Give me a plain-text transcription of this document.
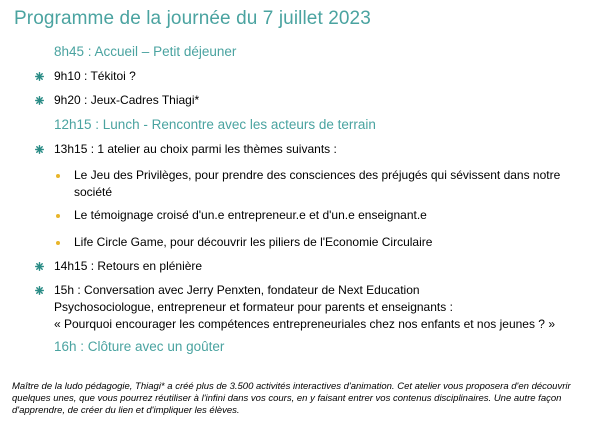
Programme de la journée du 7 juillet 2023
8h45 : Accueil – Petit déjeuner
9h10 : Tékitoi ?
9h20 : Jeux-Cadres Thiagi*
12h15 : Lunch - Rencontre avec les acteurs de terrain
13h15 : 1 atelier au choix parmi les thèmes suivants :
Le Jeu des Privilèges, pour prendre des consciences des préjugés qui sévissent dans notre
société
Le témoignage croisé d'un.e entrepreneur.e et d'un.e enseignant.e
Life Circle Game, pour découvrir les piliers de l'Economie Circulaire
14h15 : Retours en plénière
15h : Conversation avec Jerry Penxten, fondateur de Next Education
Psychosociologue, entrepreneur et formateur pour parents et enseignants :
« Pourquoi encourager les compétences entrepreneuriales chez nos enfants et nos jeunes ? »
16h : Clôture avec un goûter
Maître de la ludo pédagogie, Thiagi* a créé plus de 3.500 activités interactives d'animation. Cet atelier vous proposera d'en découvrir quelques unes, que vous pourrez réutiliser à l'infini dans vos cours, en y faisant entrer vos contenus disciplinaires. Une autre façon d'apprendre, de créer du lien et d'impliquer les élèves.
